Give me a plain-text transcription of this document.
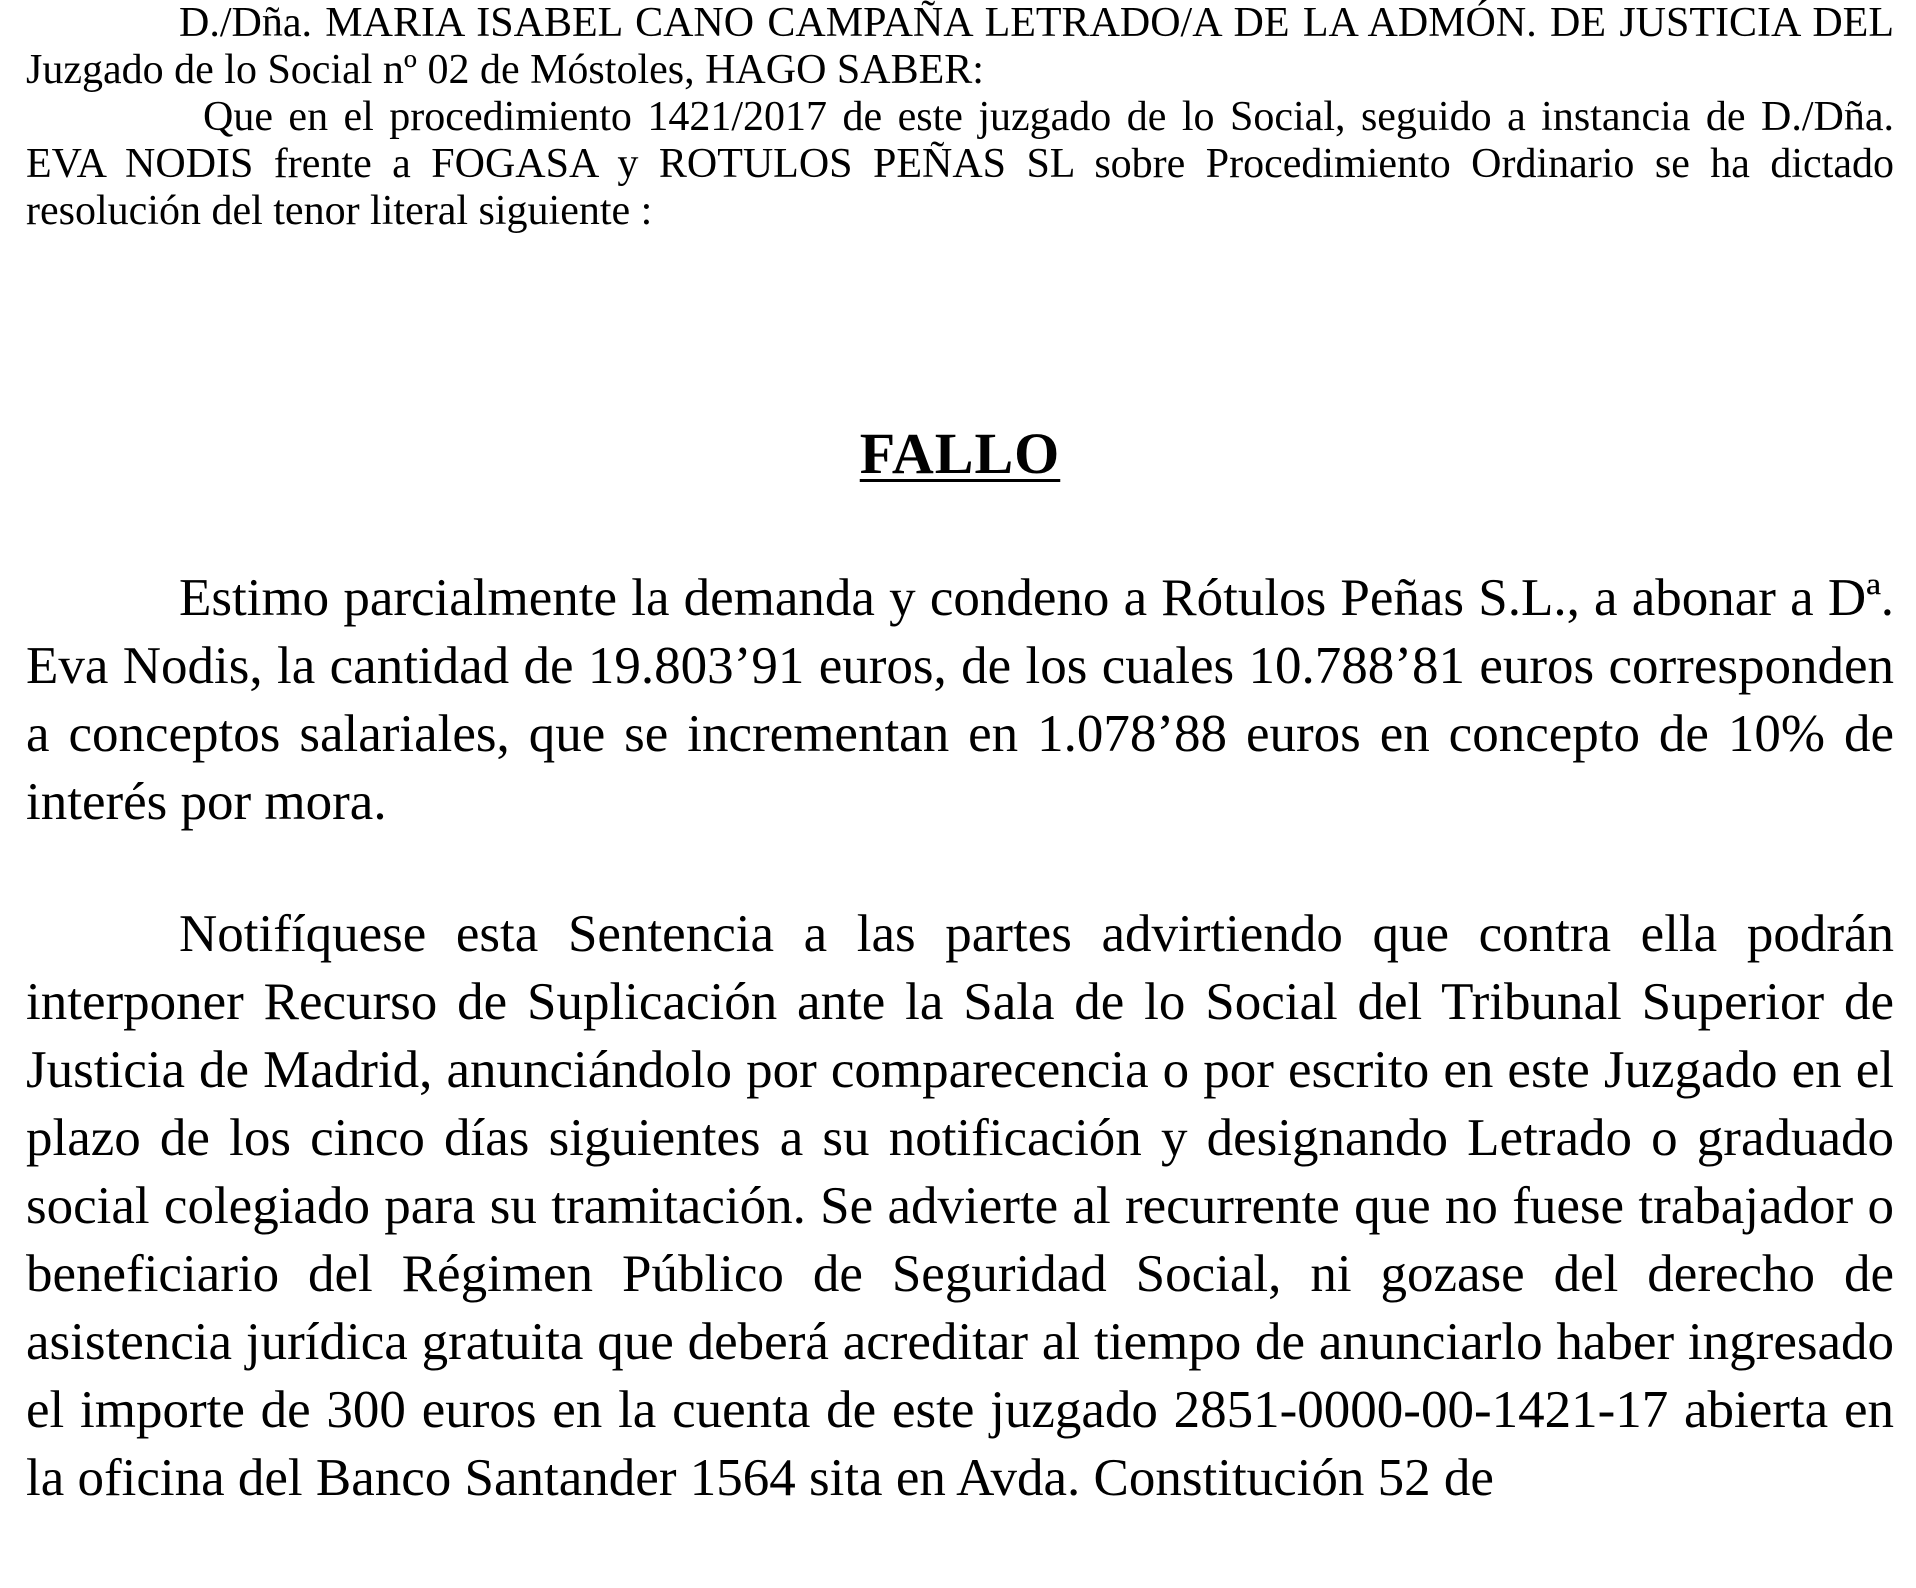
D./Dña. MARIA ISABEL CANO CAMPAÑA LETRADO/A DE LA ADMÓN. DE JUSTICIA DEL Juzgado de lo Social nº 02 de Móstoles, HAGO SABER:

Que en el procedimiento 1421/2017 de este juzgado de lo Social, seguido a instancia de D./Dña. EVA NODIS frente a FOGASA y ROTULOS PEÑAS SL sobre Procedimiento Ordinario se ha dictado resolución del tenor literal siguiente :

FALLO

Estimo parcialmente la demanda y condeno a Rótulos Peñas S.L., a abonar a Dª. Eva Nodis, la cantidad de 19.803’91 euros, de los cuales 10.788’81 euros corresponden a conceptos salariales, que se incrementan en 1.078’88 euros en concepto de 10% de interés por mora.

Notifíquese esta Sentencia a las partes advirtiendo que contra ella podrán interponer Recurso de Suplicación ante la Sala de lo Social del Tribunal Superior de Justicia de Madrid, anunciándolo por comparecencia o por escrito en este Juzgado en el plazo de los cinco días siguientes a su notificación y designando Letrado o graduado social colegiado para su tramitación. Se advierte al recurrente que no fuese trabajador o beneficiario del Régimen Público de Seguridad Social, ni gozase del derecho de asistencia jurídica gratuita que deberá acreditar al tiempo de anunciarlo haber ingresado el importe de 300 euros en la cuenta de este juzgado 2851-0000-00-1421-17 abierta en la oficina del Banco Santander 1564 sita en Avda. Constitución 52 de
